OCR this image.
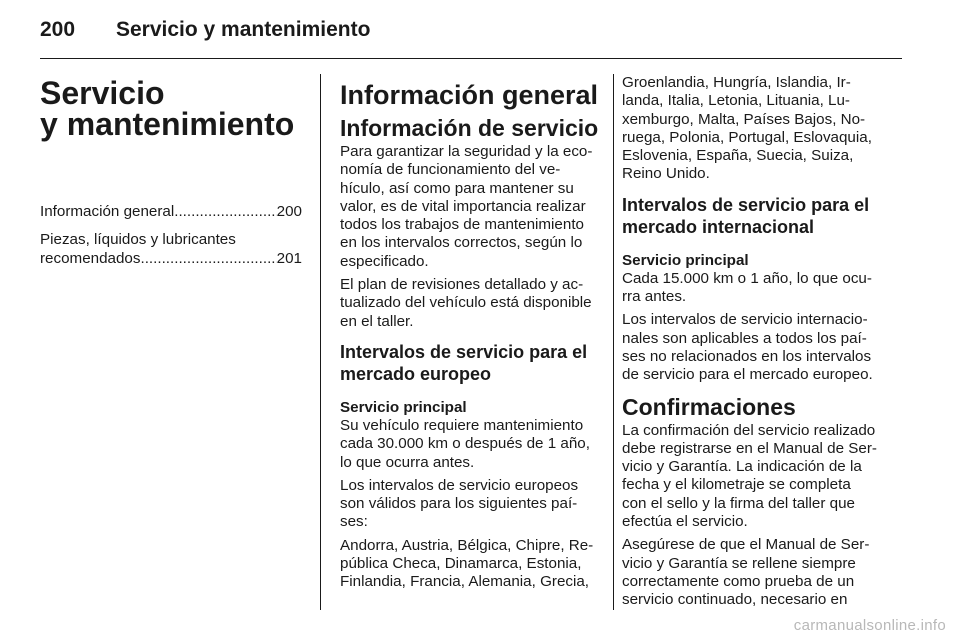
200 Servicio y mantenimiento
Servicio
y mantenimiento
Información general .....	200
Piezas, líquidos y lubricantes
recomendados .....	201
Información general
Información de servicio

Para garantizar la seguridad y la eco-
nomía de funcionamiento del ve-
hículo, así como para mantener su
valor, es de vital importancia realizar
todos los trabajos de mantenimiento
en los intervalos correctos, según lo
especificado.

El plan de revisiones detallado y ac-
tualizado del vehículo está disponible
en el taller.

Intervalos de servicio para el
mercado europeo
Servicio principal

Su vehículo requiere mantenimiento
cada 30.000 km o después de 1 año,
lo que ocurra antes.

Los intervalos de servicio europeos
son válidos para los siguientes paí-
ses:

Andorra, Austria, Bélgica, Chipre, Re-
pública Checa, Dinamarca, Estonia,
Finlandia, Francia, Alemania, Grecia,

Groenlandia, Hungría, Islandia, Ir-
landa, Italia, Letonia, Lituania, Lu-
xemburgo, Malta, Países Bajos, No-
ruega, Polonia, Portugal, Eslovaquia,
Eslovenia, España, Suecia, Suiza,
Reino Unido.

Intervalos de servicio para el
mercado internacional
Servicio principal

Cada 15.000 km o 1 año, lo que ocu-
rra antes.

Los intervalos de servicio internacio-
nales son aplicables a todos los paí-
ses no relacionados en los intervalos
de servicio para el mercado europeo.

Confirmaciones

La confirmación del servicio realizado
debe registrarse en el Manual de Ser-
vicio y Garantía. La indicación de la
fecha y el kilometraje se completa
con el sello y la firma del taller que
efectúa el servicio.

Asegúrese de que el Manual de Ser-
vicio y Garantía se rellene siempre
correctamente como prueba de un
servicio continuado, necesario en

carmanualsonline.info
